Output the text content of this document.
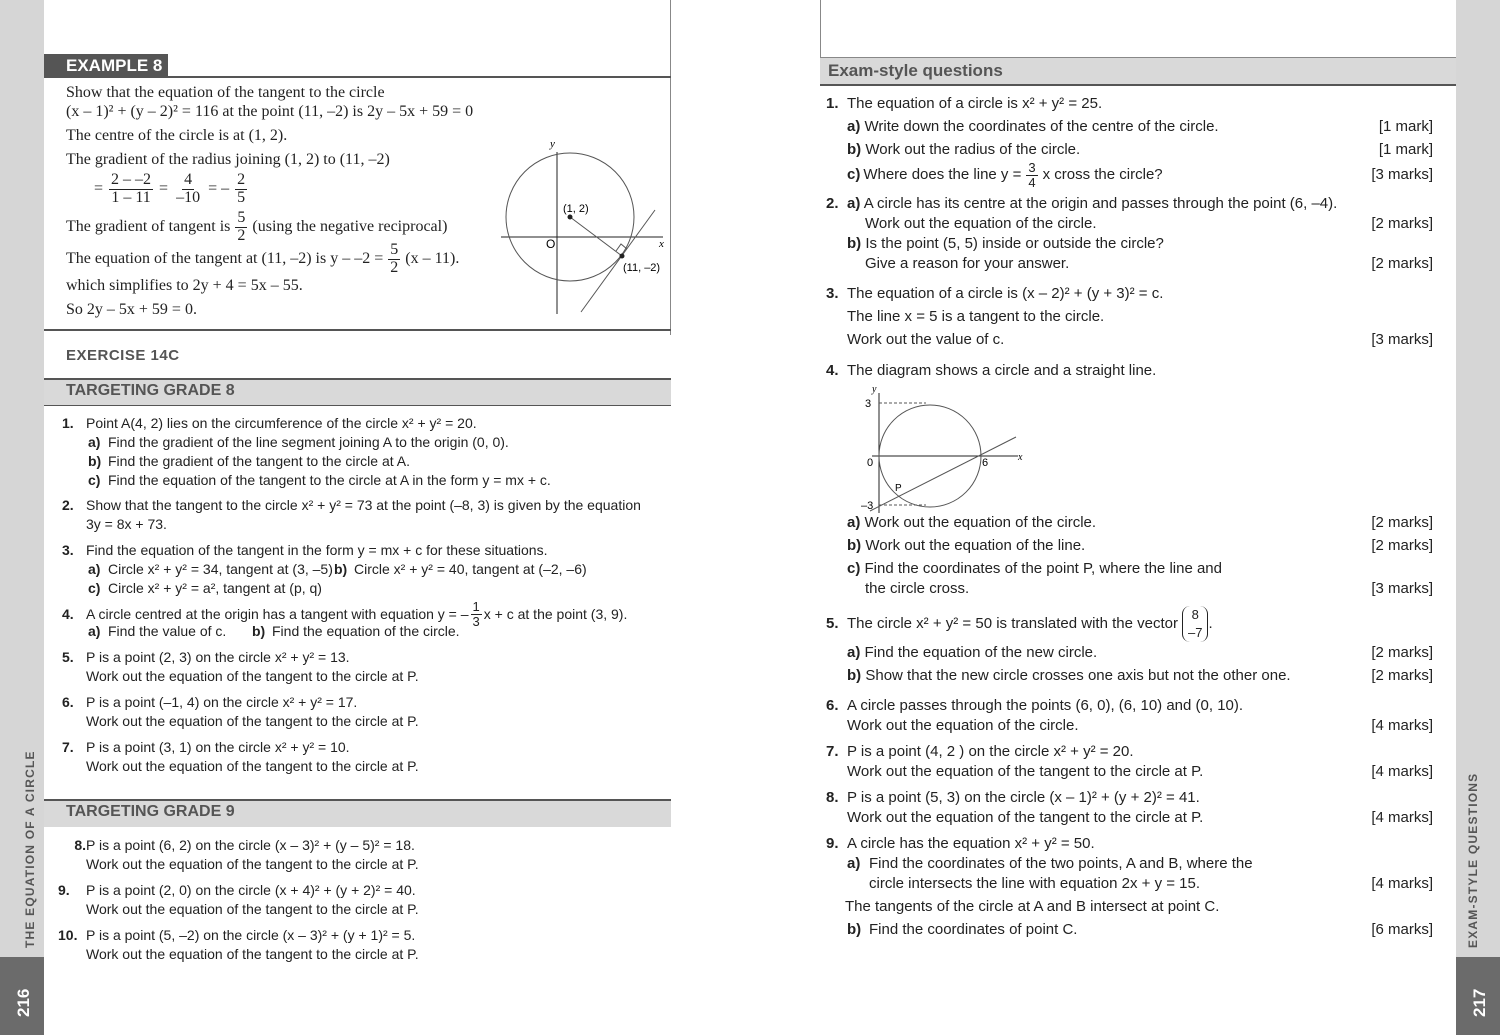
THE EQUATION OF A CIRCLE	EXAM-STYLE QUESTIONS
216	217
EXAMPLE 8
Show that the equation of the tangent to the circle
(x – 1)² + (y – 2)² = 116 at the point (11, –2) is 2y – 5x + 59 = 0
The centre of the circle is at (1, 2).
The gradient of the radius joining (1, 2) to (11, –2)
= $\frac{2 - -2}{1 - 11} = \frac{4}{-10}$ = – $\frac{2}{5}$
The gradient of tangent is $\frac{5}{2} (using$ the negative reciprocal)
The equation of the tangent at (11, –2) is $y - -2 = \frac{5}{2} (x - 11)$.
which simplifies to 2y + 4 = 5x – 55.
So 2y – 5x + 59 = 0.
y
x
O
(1, 2)
(11, –2)
EXERCISE 14C
TARGETING GRADE 8
1. Point A(4, 2) lies on the circumference of the circle x² + y² = 20.
a) Find the gradient of the line segment joining A to the origin (0, 0).
b) Find the gradient of the tangent to the circle at A.
c) Find the equation of the tangent to the circle at A in the form y = mx + c.
2. Show that the tangent to the circle x² + y² = 73 at the point (–8, 3) is given by the equation
3y = 8x + 73.
3. Find the equation of the tangent in the form y = mx + c for these situations.
a) Circle x² + y² = 34, tangent at (3, –5)b) Circle x² + y² = 40, tangent at (–2, –6)
c) Circle x² + y² = a², tangent at (p, q)
4. A circle centred at the origin has a tangent with equation y = – $\frac{1}{3}$ x + c at the point (3, 9).
a) Find the value of c. b) Find the equation of the circle.
5. P is a point (2, 3) on the circle x² + y² = 13.
Work out the equation of the tangent to the circle at P.
6. P is a point (–1, 4) on the circle x² + y² = 17.
Work out the equation of the tangent to the circle at P.
7. P is a point (3, 1) on the circle x² + y² = 10.
Work out the equation of the tangent to the circle at P.
TARGETING GRADE 9
8. P is a point (6, 2) on the circle (x – 3)² + (y – 5)² = 18.
Work out the equation of the tangent to the circle at P.
9.	P is a point (2, 0) on the circle (x + 4)² + (y + 2)² = 40.
Work out the equation of the tangent to the circle at P.
10. P is a point (5, –2) on the circle (x – 3)² + (y + 1)² = 5.
Work out the equation of the tangent to the circle at P.
Exam-style questions
1. The equation of a circle is x² + y² = 25.
a) Write down the coordinates of the centre of the circle.	[1 mark]
b) Work out the radius of the circle.	[1 mark]
c) Where does the line $y = \frac{3}{4}$ x cross the circle?	[3 marks]
2. a) A circle has its centre at the origin and passes through the point (6, –4).
Work out the equation of the circle.	[2 marks]
b) Is the point (5, 5) inside or outside the circle?
Give a reason for your answer.	[2 marks]
3. The equation of a circle is (x – 2)² + (y + 3)² = c.
The line x = 5 is a tangent to the circle.
Work out the value of c.	[3 marks]
4. The diagram shows a circle and a straight line.
y
x
3
0	6
–3
P
a) Work out the equation of the circle.	[2 marks]
b) Work out the equation of the line.	[2 marks]
c) Find the coordinates of the point P, where the line and
the circle cross.	[3 marks]
5. The circle x² + y² = 50 is translated with the vector
8
–7
.
a) Find the equation of the new circle.	[2 marks]
b) Show that the new circle crosses one axis but not the other one.	[2 marks]
6. A circle passes through the points (6, 0), (6, 10) and (0, 10).
Work out the equation of the circle.	[4 marks]
7. P is a point (4, 2 ) on the circle x² + y² = 20.
Work out the equation of the tangent to the circle at P.	[4 marks]
8. P is a point (5, 3) on the circle (x – 1)² + (y + 2)² = 41.
Work out the equation of the tangent to the circle at P.	[4 marks]
9. A circle has the equation x² + y² = 50.
a) Find the coordinates of the two points, A and B, where the
circle intersects the line with equation 2x + y = 15.	[4 marks]
The tangents of the circle at A and B intersect at point C.
b) Find the coordinates of point C.	[6 marks]
